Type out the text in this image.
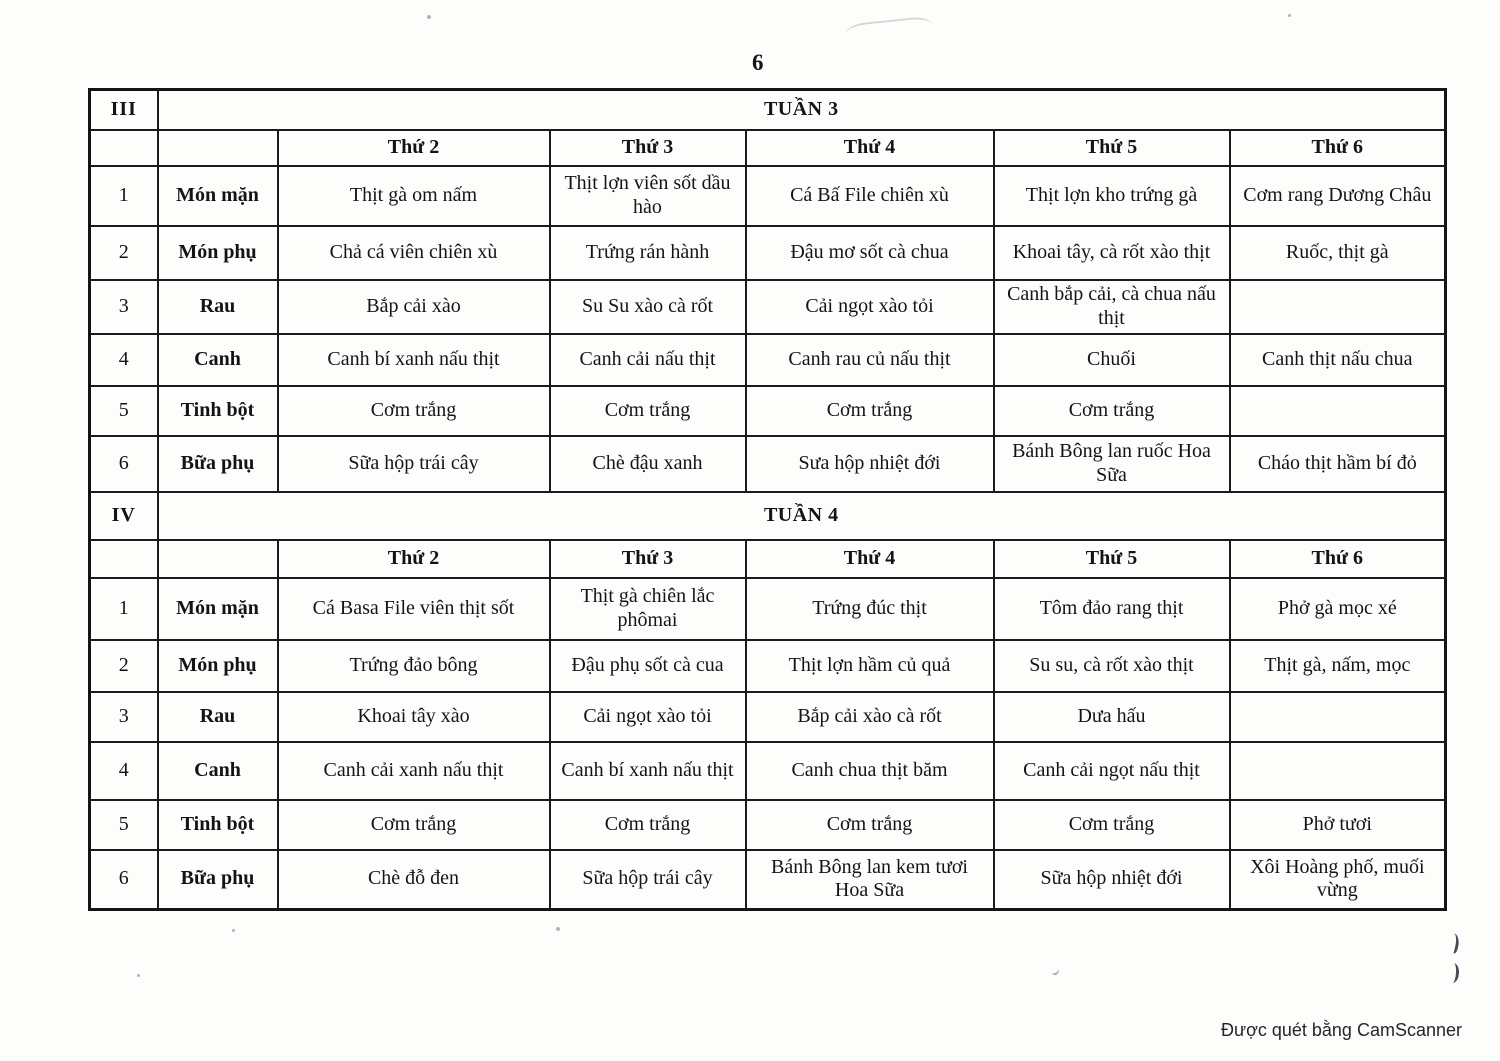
6
III	TUẦN 3					
		Thứ 2	Thứ 3	Thứ 4	Thứ 5	Thứ 6
1	Món mặn	Thịt gà om nấm	Thịt lợn viên sốt dầu hào	Cá Bấ File chiên xù	Thịt lợn kho trứng gà	Cơm rang Dương Châu
2	Món phụ	Chả cá viên chiên xù	Trứng rán hành	Đậu mơ sốt cà chua	Khoai tây, cà rốt xào thịt	Ruốc, thịt gà
3	Rau	Bắp cải xào	Su Su xào cà rốt	Cải ngọt xào tỏi	Canh bắp cải, cà chua nấu thịt	
4	Canh	Canh bí xanh nấu thịt	Canh cải nấu thịt	Canh rau củ nấu thịt	Chuối	Canh thịt nấu chua
5	Tinh bột	Cơm trắng	Cơm trắng	Cơm trắng	Cơm trắng	
6	Bữa phụ	Sữa hộp trái cây	Chè đậu xanh	Sưa hộp nhiệt đới	Bánh Bông lan ruốc Hoa Sữa	Cháo thịt hầm bí đỏ
IV	TUẦN 4					
		Thứ 2	Thứ 3	Thứ 4	Thứ 5	Thứ 6
1	Món mặn	Cá Basa File viên thịt sốt	Thịt gà chiên lắc phômai	Trứng đúc thịt	Tôm đảo rang thịt	Phở gà mọc xé
2	Món phụ	Trứng đảo bông	Đậu phụ sốt cà cua	Thịt lợn hầm củ quả	Su su, cà rốt xào thịt	Thịt gà, nấm, mọc
3	Rau	Khoai tây xào	Cải ngọt xào tỏi	Bắp cải xào cà rốt	Dưa hấu	
4	Canh	Canh cải xanh nấu thịt	Canh bí xanh nấu thịt	Canh chua thịt băm	Canh cải ngọt nấu thịt	
5	Tinh bột	Cơm trắng	Cơm trắng	Cơm trắng	Cơm trắng	Phở tươi
6	Bữa phụ	Chè đỗ đen	Sữa hộp trái cây	Bánh Bông lan kem tươi Hoa Sữa	Sữa hộp nhiệt đới	Xôi Hoàng phố, muối vừng
Được quét bằng CamScanner
